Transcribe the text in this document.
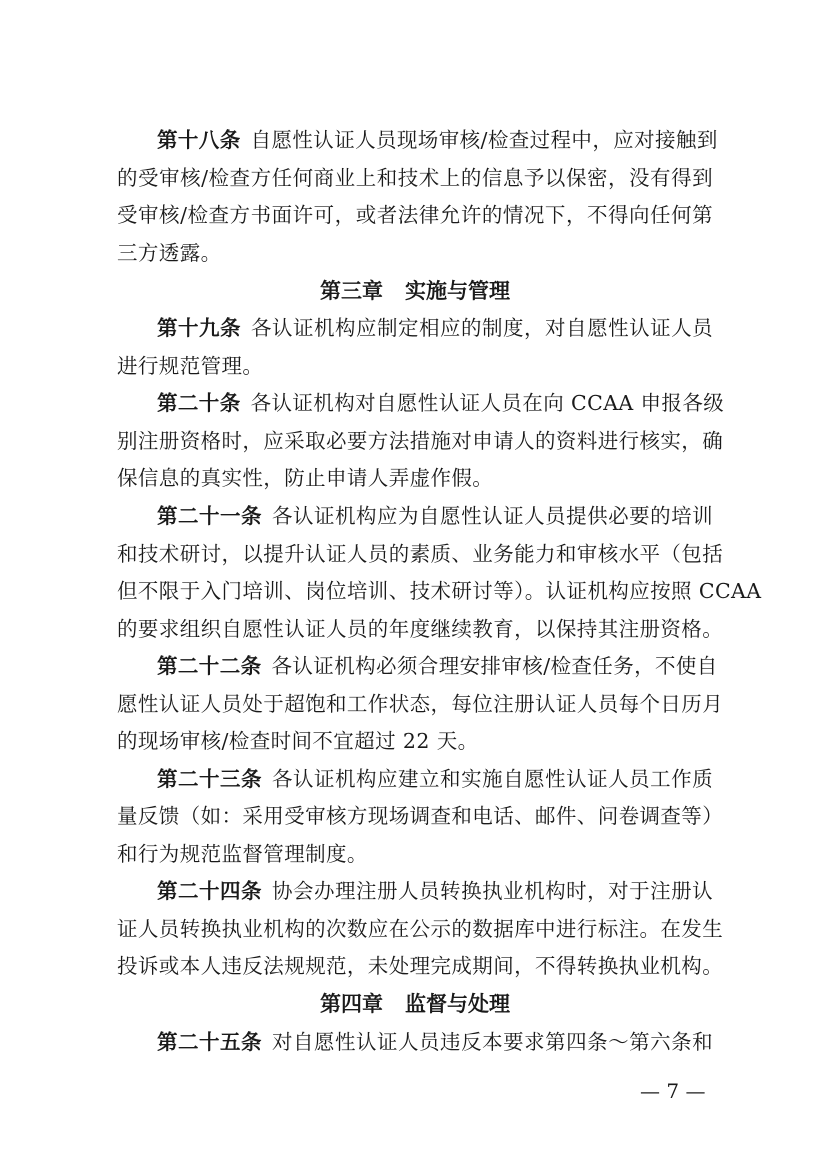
第十八条 自愿性认证人员现场审核/检查过程中，应对接触到
的受审核/检查方任何商业上和技术上的信息予以保密，没有得到
受审核/检查方书面许可，或者法律允许的情况下，不得向任何第
三方透露。
第三章 实施与管理
第十九条 各认证机构应制定相应的制度，对自愿性认证人员
进行规范管理。
第二十条 各认证机构对自愿性认证人员在向 CCAA 申报各级
别注册资格时，应采取必要方法措施对申请人的资料进行核实，确
保信息的真实性，防止申请人弄虚作假。
第二十一条 各认证机构应为自愿性认证人员提供必要的培训
和技术研讨，以提升认证人员的素质、业务能力和审核水平（包括
但不限于入门培训、岗位培训、技术研讨等）。认证机构应按照 CCAA
的要求组织自愿性认证人员的年度继续教育，以保持其注册资格。
第二十二条 各认证机构必须合理安排审核/检查任务，不使自
愿性认证人员处于超饱和工作状态，每位注册认证人员每个日历月
的现场审核/检查时间不宜超过 22 天。
第二十三条 各认证机构应建立和实施自愿性认证人员工作质
量反馈（如：采用受审核方现场调查和电话、邮件、问卷调查等）
和行为规范监督管理制度。
第二十四条 协会办理注册人员转换执业机构时，对于注册认
证人员转换执业机构的次数应在公示的数据库中进行标注。在发生
投诉或本人违反法规规范，未处理完成期间，不得转换执业机构。
第四章 监督与处理
第二十五条 对自愿性认证人员违反本要求第四条～第六条和
— 7 —
